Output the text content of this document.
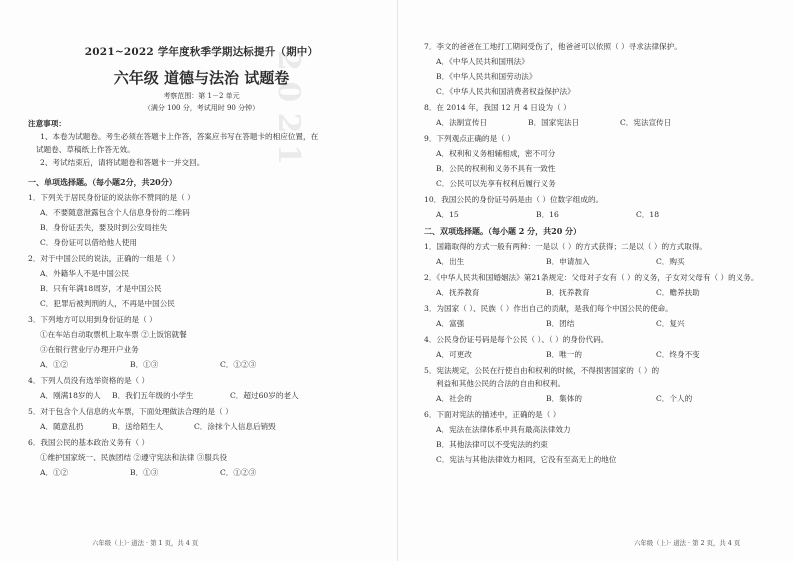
2 0 2 1
2021~2022 学年度秋季学期达标提升（期中）
六年级 道德与法治 试题卷
考察范围：第 1－2 单元
（满分 100 分，考试用时 90 分钟）
注意事项：
1、本卷为试题卷。考生必须在答题卡上作答，答案应书写在答题卡的相应位置，在
试题卷、草稿纸上作答无效。
2、考试结束后，请将试题卷和答题卡一并交回。
一、单项选择题。（每小题2分，共20分）
1．下列关于居民身份证的说法你不赞同的是（ ）
A．不要随意泄露包含个人信息身份的二维码
B．身份证丢失，要及时到公安局挂失
C．身份证可以借给他人使用
2．对于中国公民的说法，正确的一组是（ ）
A．外籍华人不是中国公民
B．只有年满18周岁，才是中国公民
C．犯罪后被判刑的人，不再是中国公民
3．下列地方可以用到身份证的是（ ）
①在车站自动取票机上取车票 ②上饭馆就餐
③在银行营业厅办理开户业务
A．①②	B．①③	C．①②③
4．下列人员没有选举资格的是（ ）
A．刚满18岁的人	B．我们五年级的小学生	C．超过60岁的老人
5．对于包含个人信息的火车票，下面处理做法合理的是（ ）
A．随意乱扔	B．送给陌生人	C．涂抹个人信息后销毁
6．我国公民的基本政治义务有（ ）
①维护国家统一、民族团结 ②遵守宪法和法律 ③服兵役
A．①②	B．①③	C．①②③
六年级（上）· 道法 · 第 1 页，共 4 页
7．李文的爸爸在工地打工期间受伤了，他爸爸可以依照（ ）寻求法律保护。
A．《中华人民共和国刑法》
B．《中华人民共和国劳动法》
C．《中华人民共和国消费者权益保护法》
8．在 2014 年，我国 12 月 4 日设为（ ）
A．法制宣传日	B．国家宪法日	C．宪法宣传日
9．下列观点正确的是（ ）
A．权利和义务相辅相成，密不可分
B．公民的权利和义务不具有一致性
C．公民可以先享有权利后履行义务
10．我国公民的身份证号码是由（ ）位数字组成的。
A．15	B．16	C．18
二、双项选择题。（每小题 2 分，共20 分）
1．国籍取得的方式一般有两种：一是以（ ）的方式获得；二是以（ ）的方式取得。
A．出生	B．申请加入	C．购买
2．《中华人民共和国婚姻法》第21条规定：父母对子女有（ ）的义务，子女对父母有（ ）的义务。
A．抚养教育	B．抚养教育	C．赡养扶助
3．为国家（ ）、民族（ ）作出自己的贡献，是我们每个中国公民的使命。
A．富强	B．团结	C．复兴
4．公民身份证号码是每个公民（ ）、（ ）的身份代码。
A．可更改	B．唯一的	C．终身不变
5．宪法规定，公民在行使自由和权利的时候，不得损害国家的（ ）的
利益和其他公民的合法的自由和权利。
A．社会的	B．集体的	C．个人的
6．下面对宪法的描述中，正确的是（ ）
A．宪法在法律体系中具有最高法律效力
B．其他法律可以不受宪法的约束
C．宪法与其他法律效力相同，它没有至高无上的地位
六年级（上）· 道法 · 第 2 页，共 4 页
